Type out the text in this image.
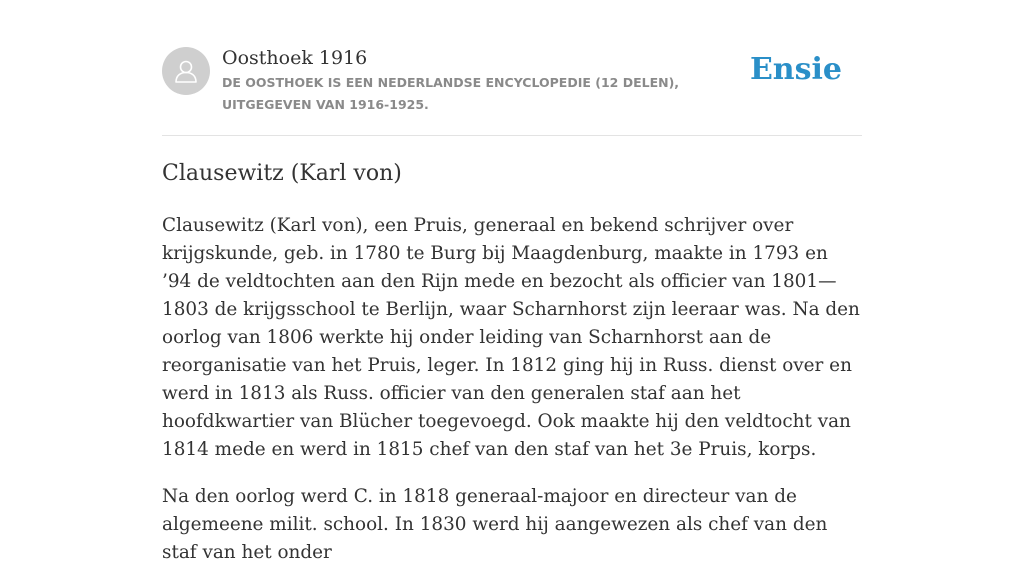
Oosthoek 1916
DE OOSTHOEK IS EEN NEDERLANDSE ENCYCLOPEDIE (12 DELEN), UITGEGEVEN VAN 1916-1925.
Ensie
Clausewitz (Karl von)

Clausewitz (Karl von), een Pruis, generaal en bekend schrijver over krijgskunde, geb. in 1780 te Burg bij Maagdenburg, maakte in 1793 en ’94 de veldtochten aan den Rijn mede en bezocht als officier van 1801—1803 de krijgsschool te Berlijn, waar Scharnhorst zijn leeraar was. Na den oorlog van 1806 werkte hij onder leiding van Scharnhorst aan de reorganisatie van het Pruis, leger. In 1812 ging hij in Russ. dienst over en werd in 1813 als Russ. officier van den generalen staf aan het hoofdkwartier van Blücher toegevoegd. Ook maakte hij den veldtocht van 1814 mede en werd in 1815 chef van den staf van het 3e Pruis, korps.

Na den oorlog werd C. in 1818 generaal-majoor en directeur van de algemeene milit. school. In 1830 werd hij aangewezen als chef van den staf van het onder
